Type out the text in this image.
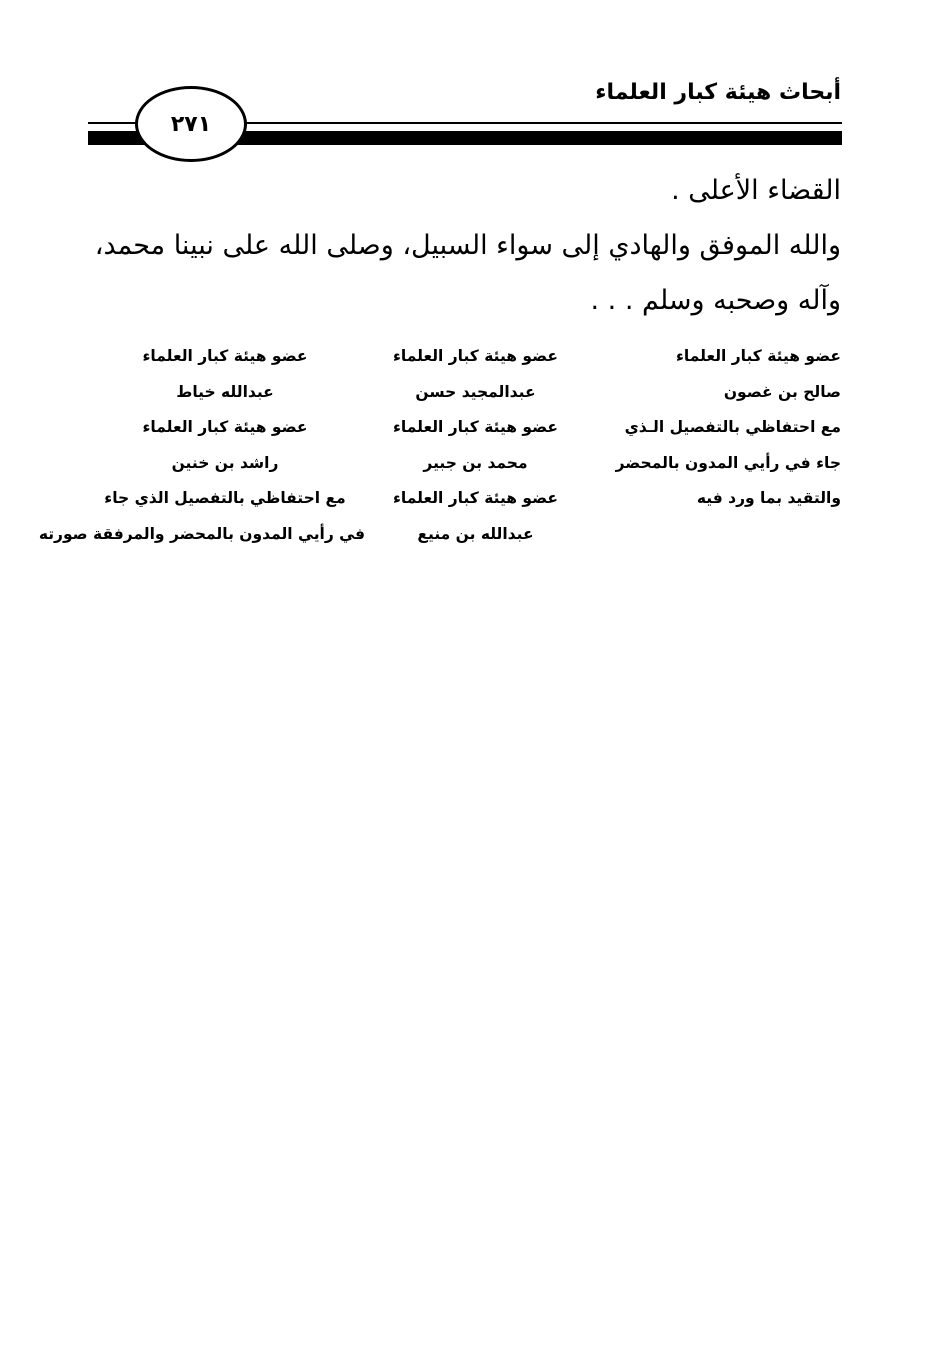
أبحاث هيئة كبار العلماء
٢٧١
القضاء الأعلى .
والله الموفق والهادي إلى سواء السبيل، وصلى الله على نبينا محمد،
وآله وصحبه وسلم . . .
عضو هيئة كبار العلماء
صالح بن غصون
مع احتفاظي بالتفصيل الـذي
جاء في رأيي المدون بالمحضر
والتقيد بما ورد فيه
عضو هيئة كبار العلماء
عبدالمجيد حسن
عضو هيئة كبار العلماء
محمد بن جبير
عضو هيئة كبار العلماء
عبدالله بن منيع
عضو هيئة كبار العلماء
عبدالله خياط
عضو هيئة كبار العلماء
راشد بن خنين
مع احتفاظي بالتفصيل الذي جاء
في رأيي المدون بالمحضر والمرفقة صورته
